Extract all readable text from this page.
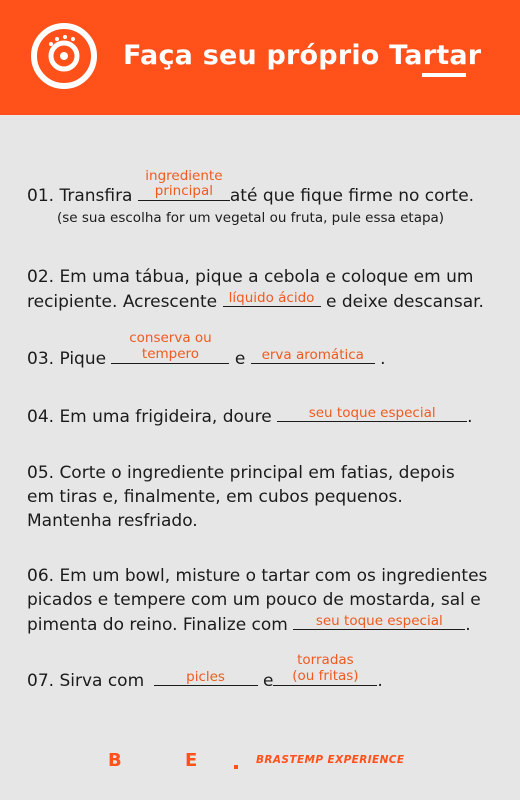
Faça seu próprio Tartar
01. Transfira
ingrediente
principal até que fique firme no corte.
(se sua escolha for um vegetal ou fruta, pule essa etapa)
02. Em uma tábua, pique a cebola e coloque em um
recipiente. Acrescente líquido ácido e deixe descansar.
03. Pique
conserva ou
tempero	e	erva aromática .
04. Em uma frigideira, doure	seu toque especial	.
05. Corte o ingrediente principal em fatias, depois
em tiras e, finalmente, em cubos pequenos.
Mantenha resfriado.
06. Em um bowl, misture o tartar com os ingredientes
picados e tempere com um pouco de mostarda, sal e
pimenta do reino. Finalize com	seu toque especial	.
07. Sirva com	picles	e
torradas
(ou fritas)	.
B	E	BRASTEMP EXPERIENCE
